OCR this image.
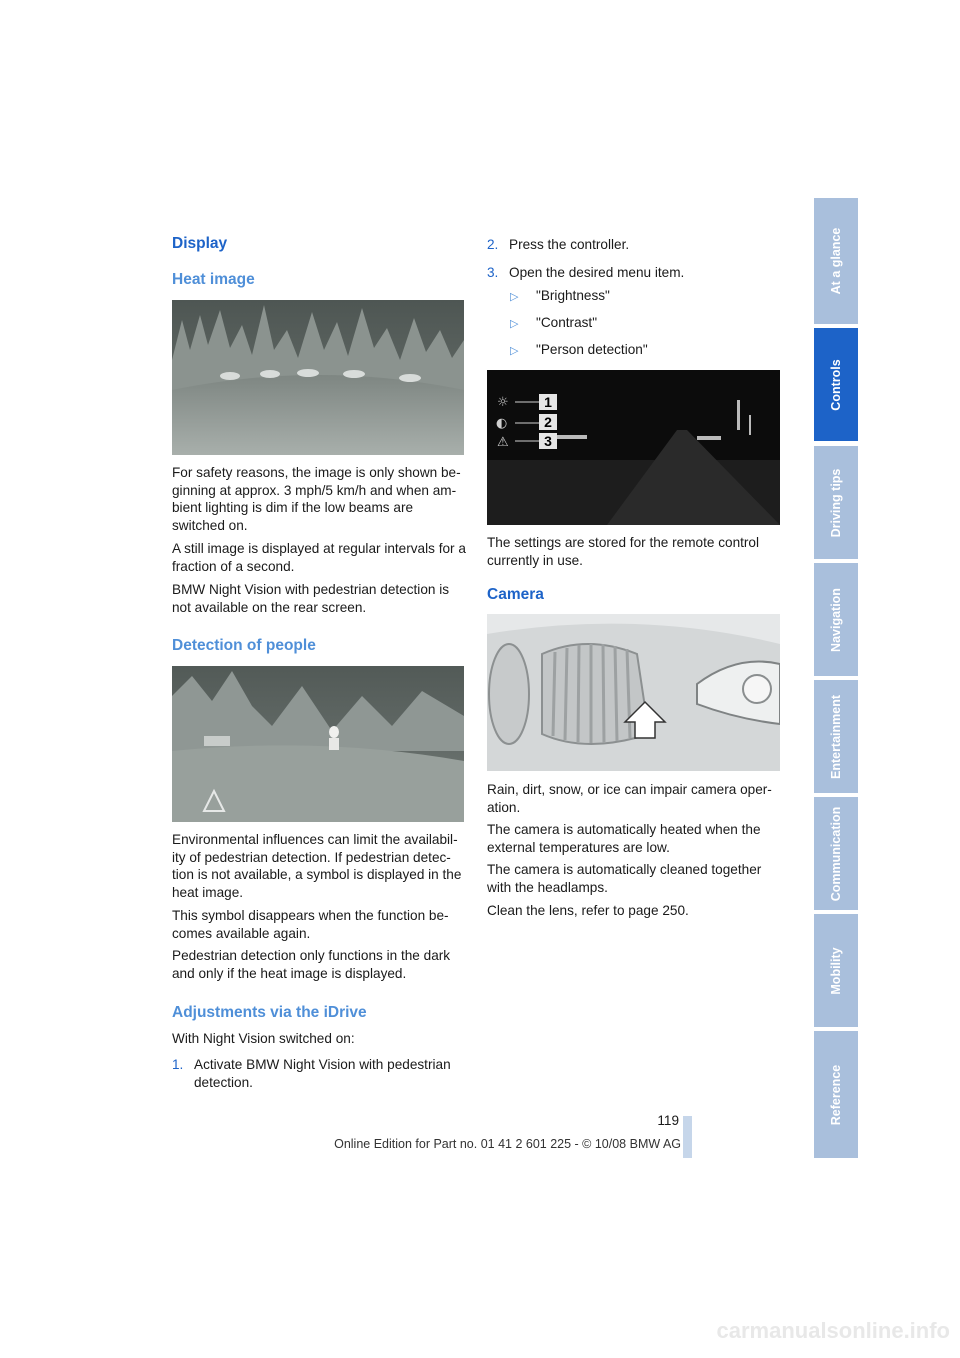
At a glance
Controls
Driving tips
Navigation
Entertainment
Communication
Mobility
Reference
Display
Heat image

For safety reasons, the image is only shown be-ginning at approx. 3 mph/5 km/h and when am-bient lighting is dim if the low beams are switched on.

A still image is displayed at regular intervals for a fraction of a second.

BMW Night Vision with pedestrian detection is not available on the rear screen.

Detection of people

Environmental influences can limit the availabil-ity of pedestrian detection. If pedestrian detec-tion is not available, a symbol is displayed in the heat image.

This symbol disappears when the function be-comes available again.

Pedestrian detection only functions in the dark and only if the heat image is displayed.

Adjustments via the iDrive

With Night Vision switched on:

1. Activate BMW Night Vision with pedestrian detection.
2. Press the controller.
3. Open the desired menu item.
▷ "Brightness"
▷ "Contrast"
▷ "Person detection"
☼
◐
⚠
1
2
3

The settings are stored for the remote control currently in use.

Camera

Rain, dirt, snow, or ice can impair camera oper-ation.

The camera is automatically heated when the external temperatures are low.

The camera is automatically cleaned together with the headlamps.

Clean the lens, refer to page 250.

119
Online Edition for Part no. 01 41 2 601 225 - © 10/08 BMW AG
carmanualsonline.info
